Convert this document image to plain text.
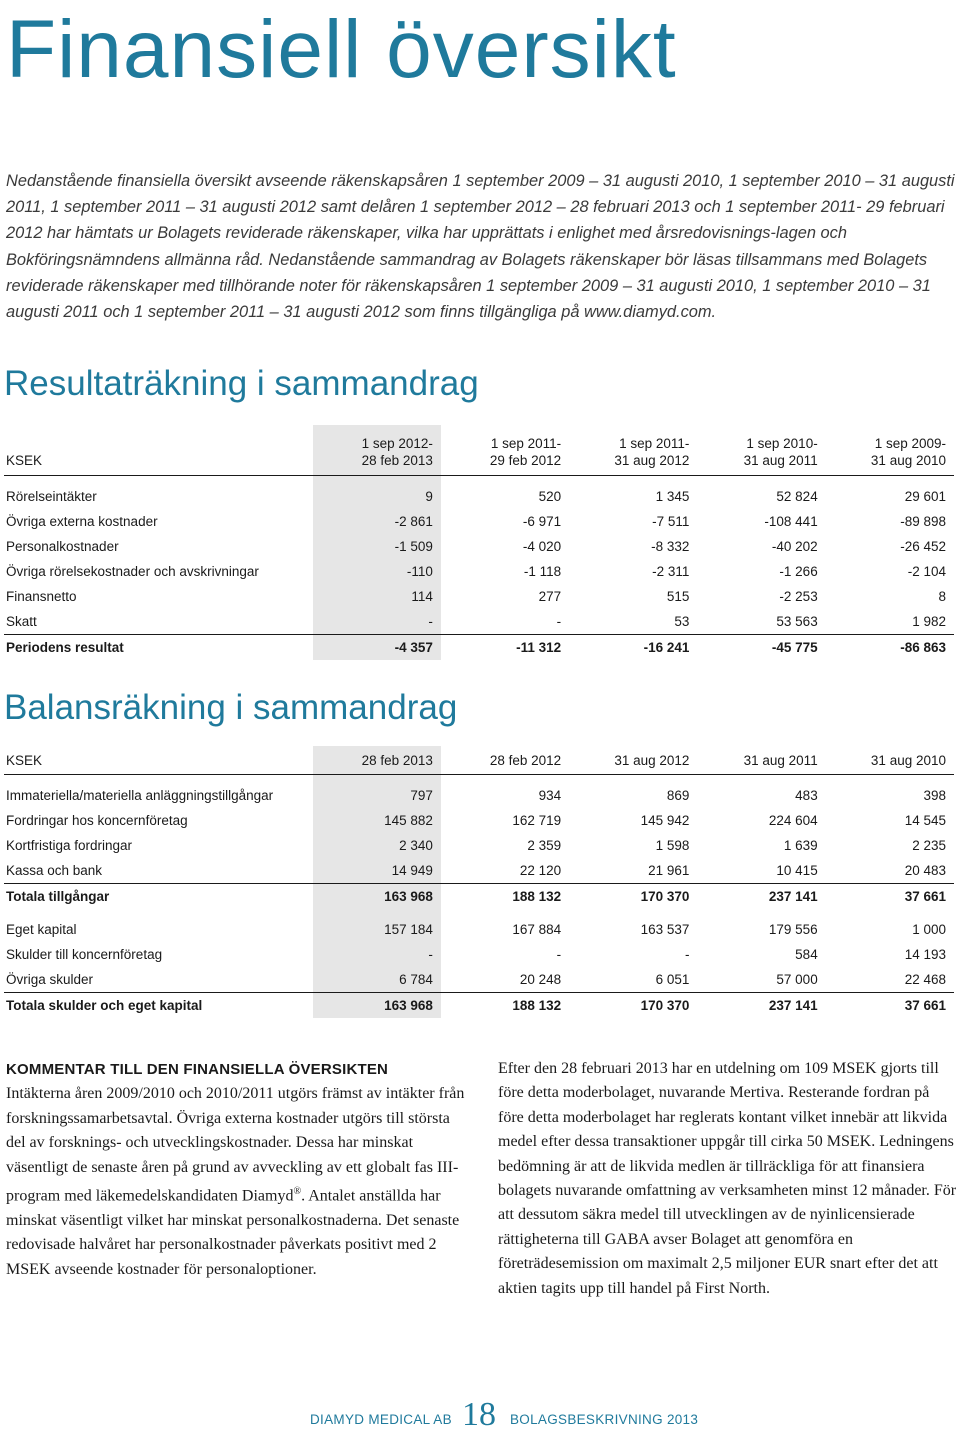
Finansiell översikt

Nedanstående finansiella översikt avseende räkenskapsåren 1 september 2009 – 31 augusti 2010, 1 september 2010 – 31 augusti 2011, 1 september 2011 – 31 augusti 2012 samt delåren 1 september 2012 – 28 februari 2013 och 1 september 2011- 29 februari 2012 har hämtats ur Bolagets reviderade räkenskaper, vilka har upprättats i enlighet med årsredovisnings-lagen och Bokföringsnämndens allmänna råd. Nedanstående sammandrag av Bolagets räkenskaper bör läsas tillsammans med Bolagets reviderade räkenskaper med tillhörande noter för räkenskapsåren 1 september 2009 – 31 augusti 2010, 1 september 2010 – 31 augusti 2011 och 1 september 2011 – 31 augusti 2012 som finns tillgängliga på www.diamyd.com.

Resultaträkning i sammandrag
	1 sep 2012-	1 sep 2011-	1 sep 2011-	1 sep 2010-	1 sep 2009-
KSEK	28 feb 2013	29 feb 2012	31 aug 2012	31 aug 2011	31 aug 2010

Rörelseintäkter	9	520	1 345	52 824	29 601
Övriga externa kostnader	-2 861	-6 971	-7 511	-108 441	-89 898
Personalkostnader	-1 509	-4 020	-8 332	-40 202	-26 452
Övriga rörelsekostnader och avskrivningar	-110	-1 118	-2 311	-1 266	-2 104
Finansnetto	114	277	515	-2 253	8
Skatt	-	-	53	53 563	1 982
Periodens resultat	-4 357	-11 312	-16 241	-45 775	-86 863
Balansräkning i sammandrag
KSEK	28 feb 2013	28 feb 2012	31 aug 2012	31 aug 2011	31 aug 2010

Immateriella/materiella anläggningstillgångar	797	934	869	483	398
Fordringar hos koncernföretag	145 882	162 719	145 942	224 604	14 545
Kortfristiga fordringar	2 340	2 359	1 598	1 639	2 235
Kassa och bank	14 949	22 120	21 961	10 415	20 483
Totala tillgångar	163 968	188 132	170 370	237 141	37 661

Eget kapital	157 184	167 884	163 537	179 556	1 000
Skulder till koncernföretag	-	-	-	584	14 193
Övriga skulder	6 784	20 248	6 051	57 000	22 468
Totala skulder och eget kapital	163 968	188 132	170 370	237 141	37 661
KOMMENTAR TILL DEN FINANSIELLA ÖVERSIKTEN
Intäkterna åren 2009/2010 och 2010/2011 utgörs främst av intäkter från forskningssamarbetsavtal. Övriga externa kostnader utgörs till största del av forsknings- och utvecklingskostnader. Dessa har minskat väsentligt de senaste åren på grund av avveckling av ett globalt fas III-program med läkemedelskandidaten Diamyd®. Antalet anställda har minskat väsentligt vilket har minskat personalkostnaderna. Det senaste redovisade halvåret har personalkostnader påverkats positivt med 2 MSEK avseende kostnader för personaloptioner.

Efter den 28 februari 2013 har en utdelning om 109 MSEK gjorts till före detta moderbolaget, nuvarande Mertiva. Resterande fordran på före detta moderbolaget har reglerats kontant vilket innebär att likvida medel efter dessa transaktioner uppgår till cirka 50 MSEK. Ledningens bedömning är att de likvida medlen är tillräckliga för att finansiera bolagets nuvarande omfattning av verksamheten minst 12 månader. För att dessutom säkra medel till utvecklingen av de nyinlicensierade rättigheterna till GABA avser Bolaget att genomföra en företrädesemission om maximalt 2,5 miljoner EUR snart efter det att aktien tagits upp till handel på First North.

DIAMYD MEDICAL AB 18 BOLAGSBESKRIVNING 2013
